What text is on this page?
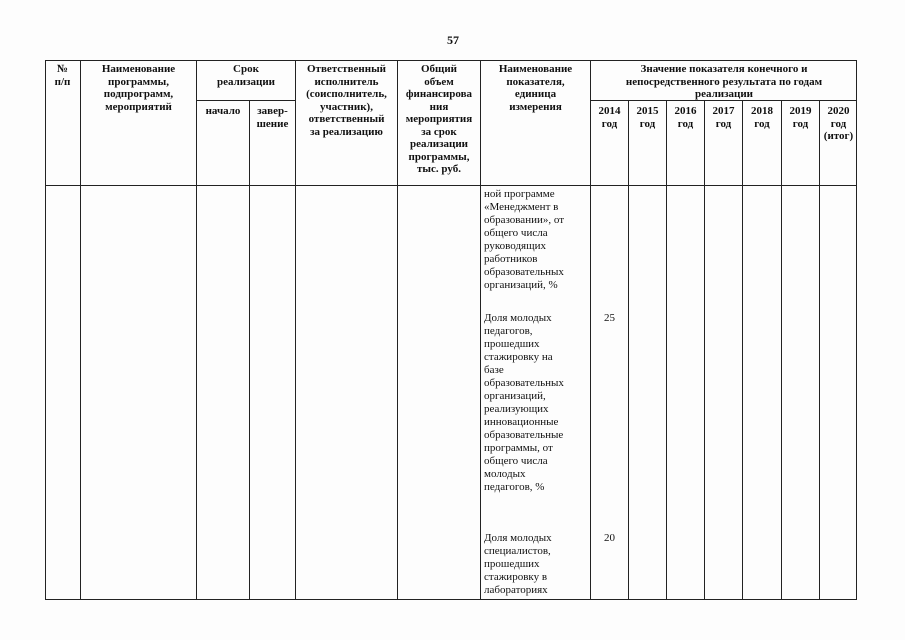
57
№
п/п
Наименование
программы,
подпрограмм,
мероприятий
Срок
реализации
начало	завер-
шение
Ответственный
исполнитель
(соисполнитель,
участник),
ответственный
за реализацию
Общий
объем
финансирова
ния
мероприятия
за срок
реализации
программы,
тыс. руб.
Наименование
показателя,
единица
измерения
Значение показателя конечного и
непосредственного результата по годам
реализации
2014
год
2015
год
2016
год
2017
год
2018
год
2019
год
2020
год
(итог)
ной программе
«Менеджмент в
образовании», от
общего числа
руководящих
работников
образовательных
организаций, %
Доля молодых
педагогов,
прошедших
стажировку на
базе
образовательных
организаций,
реализующих
инновационные
образовательные
программы, от
общего числа
молодых
педагогов, %
25
Доля молодых
специалистов,
прошедших
стажировку в
лабораториях
20
